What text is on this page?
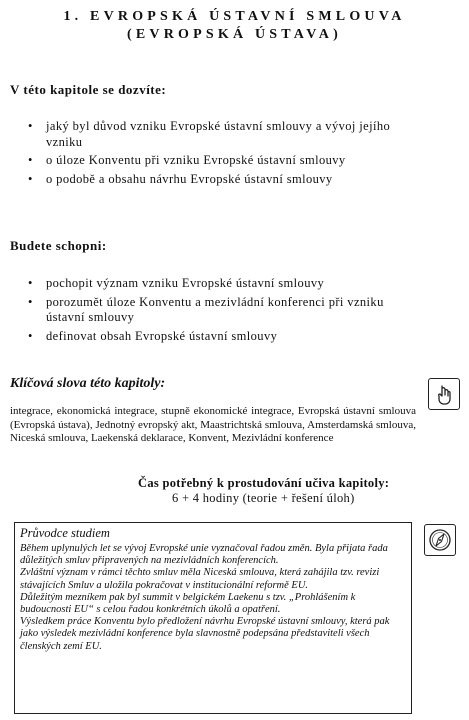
1. EVROPSKÁ ÚSTAVNÍ SMLOUVA
(EVROPSKÁ ÚSTAVA)
V této kapitole se dozvíte:
• jaký byl důvod vzniku Evropské ústavní smlouvy a vývoj jejího vzniku
• o úloze Konventu při vzniku Evropské ústavní smlouvy
• o podobě a obsahu návrhu Evropské ústavní smlouvy
Budete schopni:
• pochopit význam vzniku Evropské ústavní smlouvy
• porozumět úloze Konventu a mezivládní konferenci při vzniku ústavní smlouvy
• definovat obsah Evropské ústavní smlouvy
Klíčová slova této kapitoly:
integrace, ekonomická integrace, stupně ekonomické integrace, Evropská ústavní smlouva (Evropská ústava), Jednotný evropský akt, Maastrichtská smlouva, Amsterdamská smlouva, Niceská smlouva, Laekenská deklarace, Konvent, Mezivládní konference
Čas potřebný k prostudování učiva kapitoly:
6 + 4 hodiny (teorie + řešení úloh)
Průvodce studiem

Během uplynulých let se vývoj Evropské unie vyznačoval řadou změn. Byla přijata řada důležitých smluv připravených na mezivládních konferencích.

Zvláštní význam v rámci těchto smluv měla Niceská smlouva, která zahájila tzv. revizi stávajících Smluv a uložila pokračovat v institucionální reformě EU.

Důležitým mezníkem pak byl summit v belgickém Laekenu s tzv. „Prohlášením k budoucnosti EU“ s celou řadou konkrétních úkolů a opatření.

Výsledkem práce Konventu bylo předložení návrhu Evropské ústavní smlouvy, která pak jako výsledek mezivládní konference byla slavnostně podepsána představiteli všech členských zemí EU.
